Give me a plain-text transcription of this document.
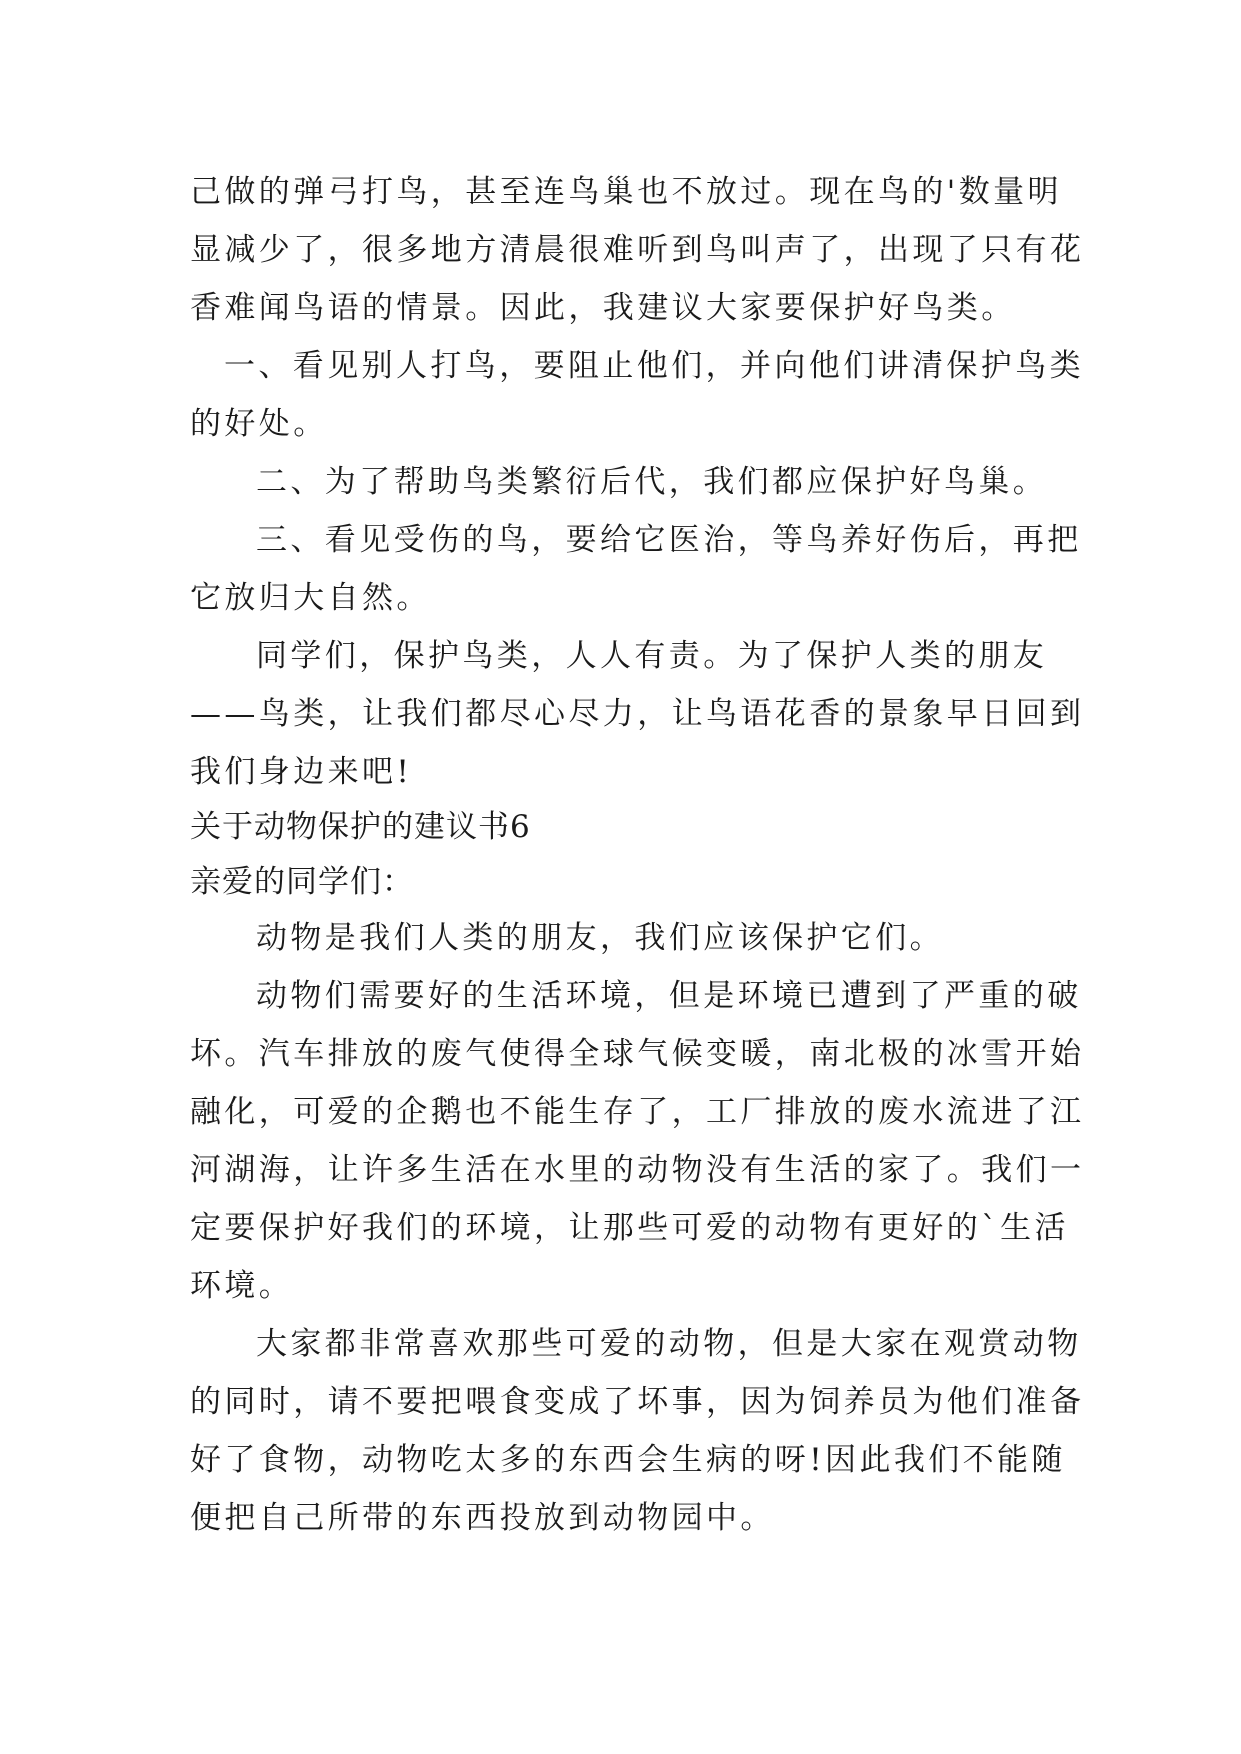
己做的弹弓打鸟，甚至连鸟巢也不放过。现在鸟的'数量明
显减少了，很多地方清晨很难听到鸟叫声了，出现了只有花
香难闻鸟语的情景。因此，我建议大家要保护好鸟类。
一、看见别人打鸟，要阻止他们，并向他们讲清保护鸟类
的好处。
二、为了帮助鸟类繁衍后代，我们都应保护好鸟巢。
三、看见受伤的鸟，要给它医治，等鸟养好伤后，再把
它放归大自然。
同学们，保护鸟类，人人有责。为了保护人类的朋友
——鸟类，让我们都尽心尽力，让鸟语花香的景象早日回到
我们身边来吧!
关于动物保护的建议书6
亲爱的同学们：
动物是我们人类的朋友，我们应该保护它们。
动物们需要好的生活环境，但是环境已遭到了严重的破
坏。汽车排放的废气使得全球气候变暖，南北极的冰雪开始
融化，可爱的企鹅也不能生存了，工厂排放的废水流进了江
河湖海，让许多生活在水里的动物没有生活的家了。我们一
定要保护好我们的环境，让那些可爱的动物有更好的`生活
环境。
大家都非常喜欢那些可爱的动物，但是大家在观赏动物
的同时，请不要把喂食变成了坏事，因为饲养员为他们准备
好了食物，动物吃太多的东西会生病的呀!因此我们不能随
便把自己所带的东西投放到动物园中。
